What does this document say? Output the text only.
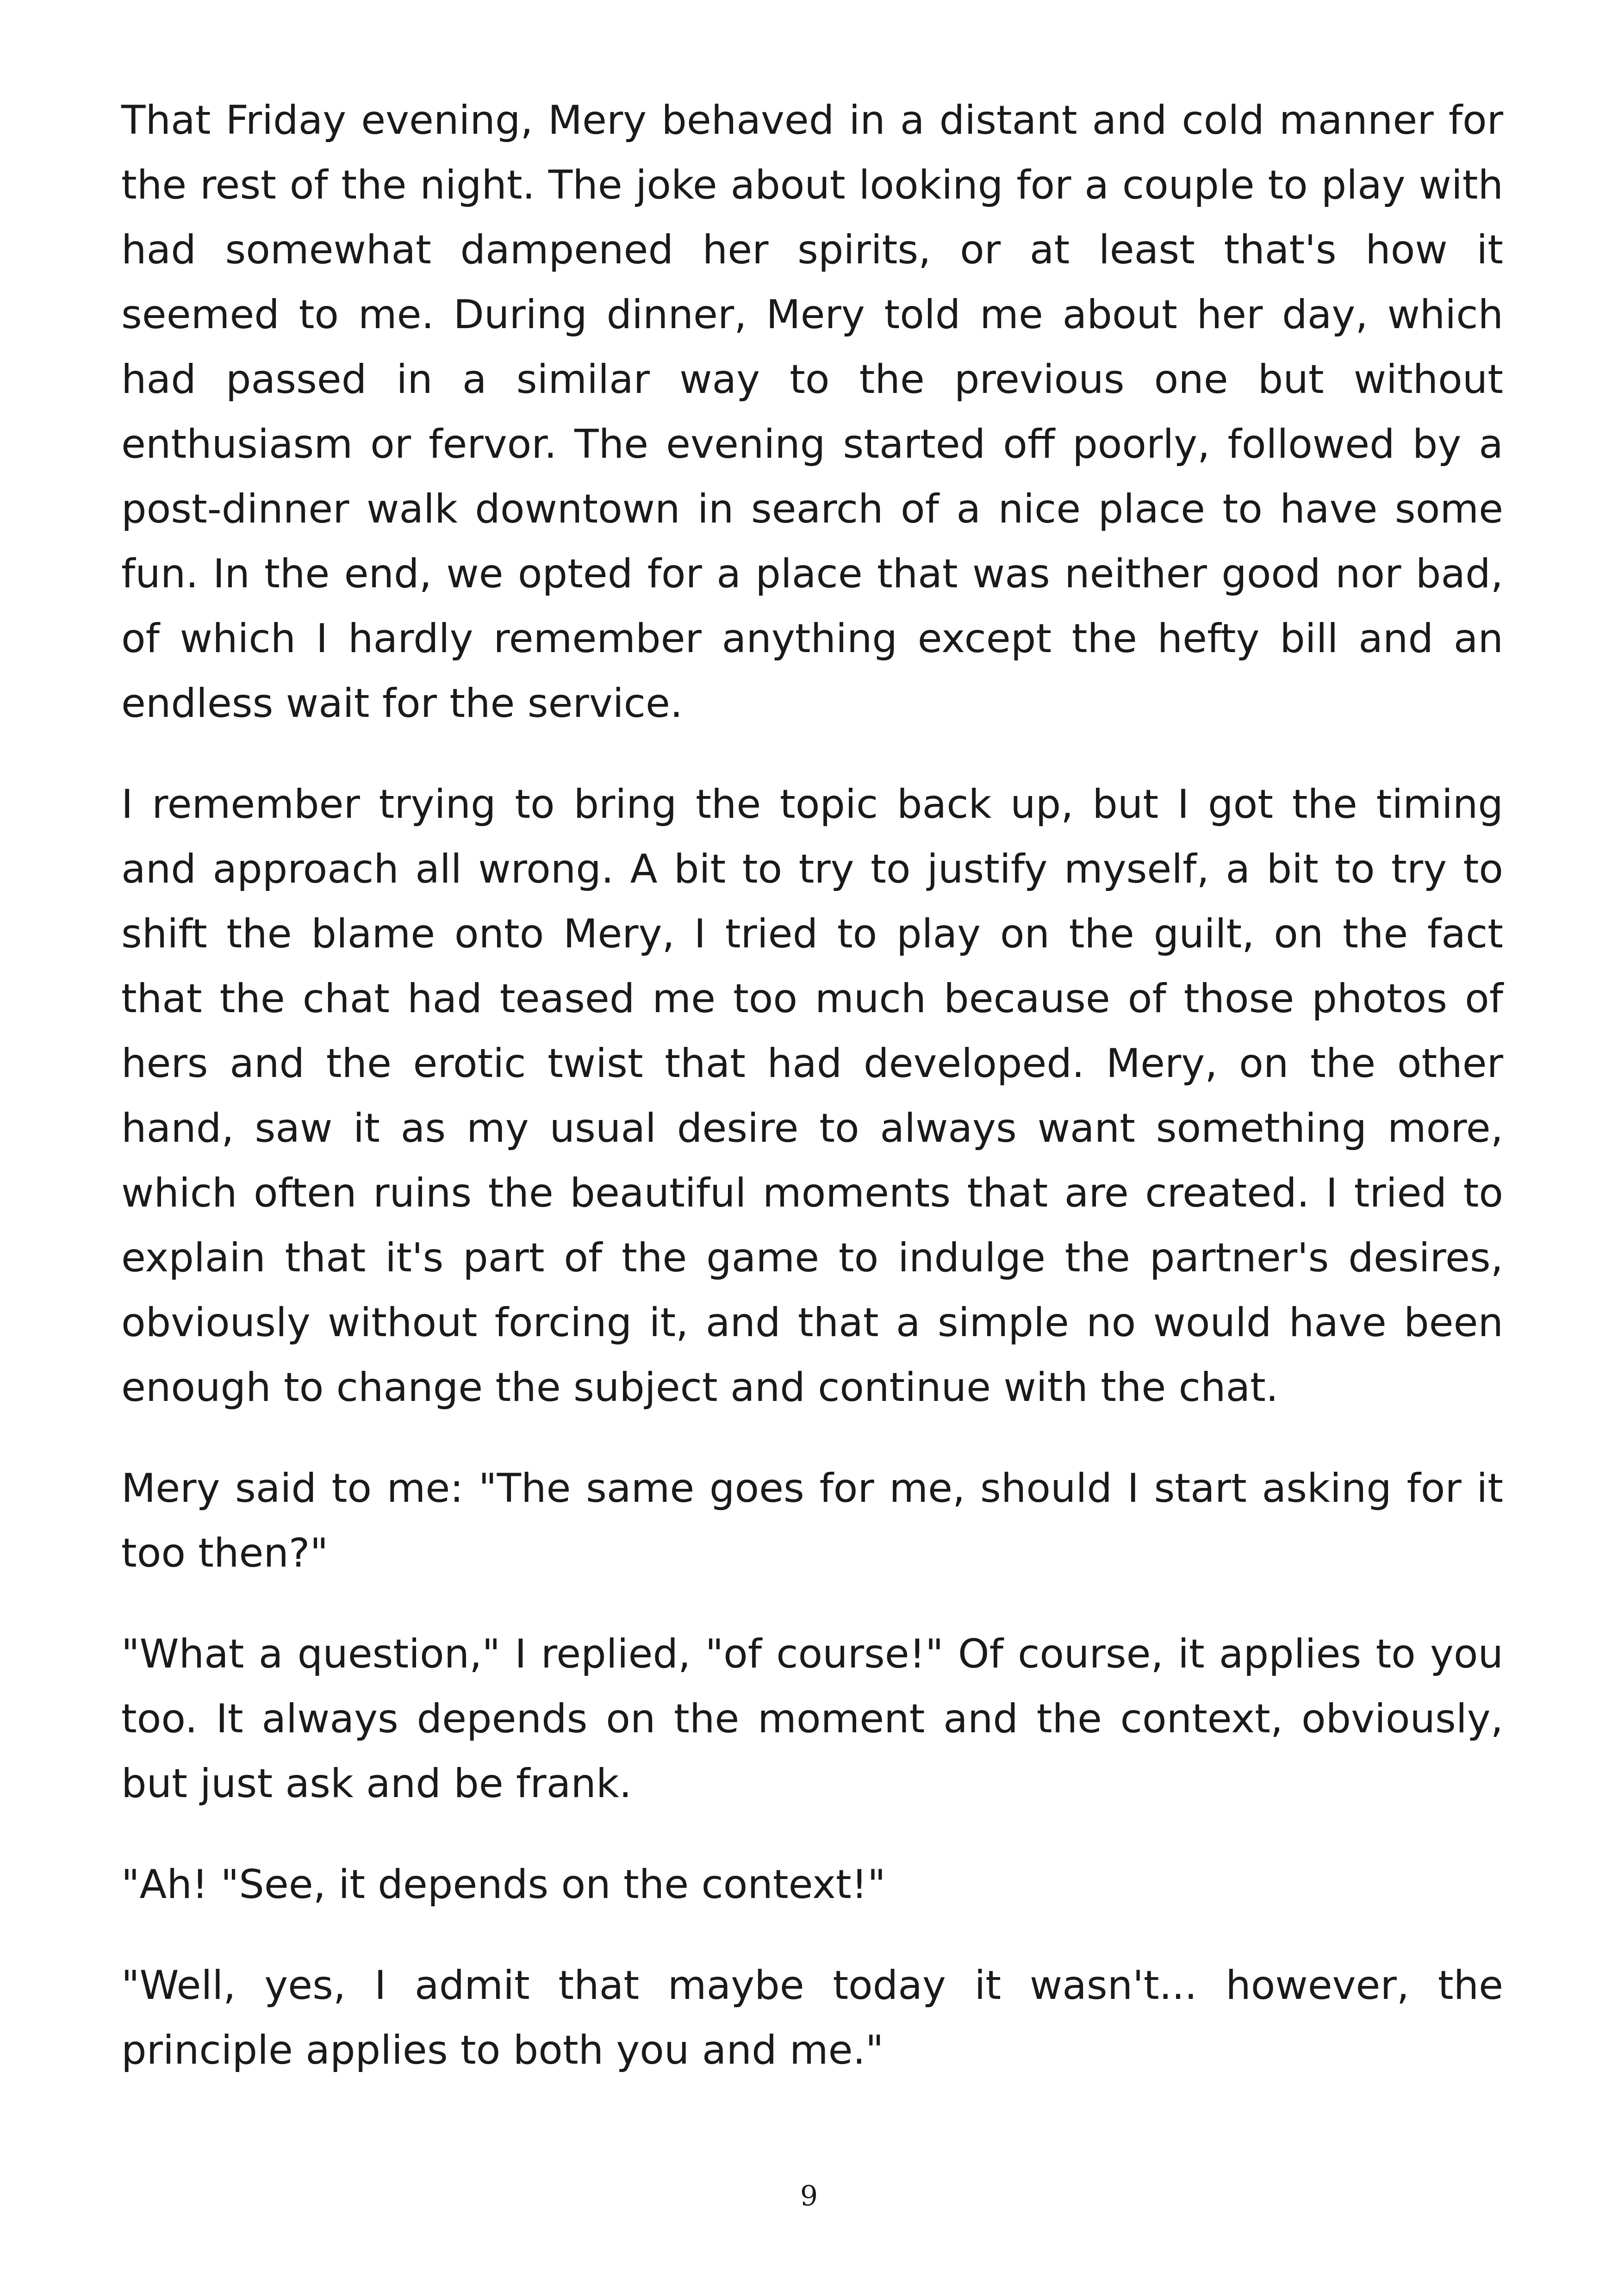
That Friday evening, Mery behaved in a distant and cold manner for the rest of the night. The joke about looking for a couple to play with had somewhat dampened her spirits, or at least that's how it seemed to me. During dinner, Mery told me about her day, which had passed in a similar way to the previous one but without enthusiasm or fervor. The evening started off poorly, followed by a post-dinner walk downtown in search of a nice place to have some fun. In the end, we opted for a place that was neither good nor bad, of which I hardly remember anything except the hefty bill and an endless wait for the service.

I remember trying to bring the topic back up, but I got the timing and approach all wrong. A bit to try to justify myself, a bit to try to shift the blame onto Mery, I tried to play on the guilt, on the fact that the chat had teased me too much because of those photos of hers and the erotic twist that had developed. Mery, on the other hand, saw it as my usual desire to always want something more, which often ruins the beautiful moments that are created. I tried to explain that it's part of the game to indulge the partner's desires, obviously without forcing it, and that a simple no would have been enough to change the subject and continue with the chat.

Mery said to me: "The same goes for me, should I start asking for it too then?"

"What a question," I replied, "of course!" Of course, it applies to you too. It always depends on the moment and the context, obviously, but just ask and be frank.

"Ah! "See, it depends on the context!"

"Well, yes, I admit that maybe today it wasn't... however, the principle applies to both you and me."

9
